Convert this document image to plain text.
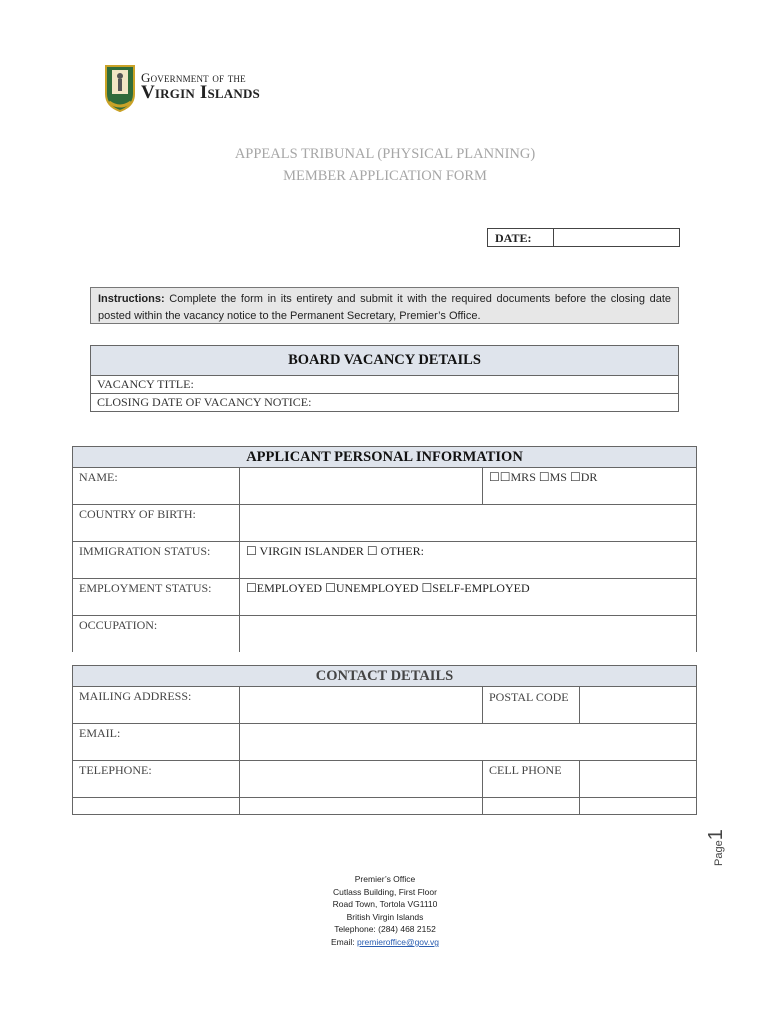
Government of the
Virgin Islands
APPEALS TRIBUNAL (PHYSICAL PLANNING)
MEMBER APPLICATION FORM
DATE:
Instructions: Complete the form in its entirety and submit it with the required documents before the closing date posted within the vacancy notice to the Permanent Secretary, Premier’s Office.
BOARD VACANCY DETAILS
VACANCY TITLE:
CLOSING DATE OF VACANCY NOTICE:
APPLICANT PERSONAL INFORMATION		
NAME:		☐☐MRS ☐MS ☐DR
COUNTRY OF BIRTH:		
IMMIGRATION STATUS:	☐ VIRGIN ISLANDER ☐ OTHER:	
EMPLOYMENT STATUS:	☐EMPLOYED ☐UNEMPLOYED ☐SELF-EMPLOYED	
OCCUPATION:		
CONTACT DETAILS			
MAILING ADDRESS:		POSTAL CODE	
EMAIL:			
TELEPHONE:		CELL PHONE	

Page1
Premier’s Office
Cutlass Building, First Floor
Road Town, Tortola VG1110
British Virgin Islands
Telephone: (284) 468 2152
Email: premieroffice@gov.vg
